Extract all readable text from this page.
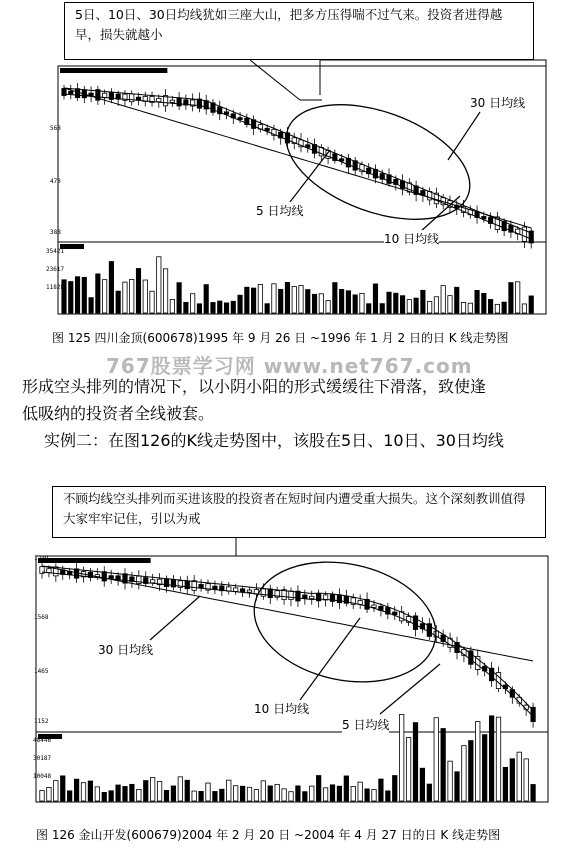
5日、10日、30日均线犹如三座大山，把多方压得喘不过气来。投资者进得越早，损失就越小
568
473
388
35421
23617
11828
30 日均线
5 日均线
10 日均线
图 125 四川金顶(600678)1995 年 9 月 26 日 ~1996 年 1 月 2 日的日 K 线走势图
767股票学习网 www.net767.com
形成空头排列的情况下，以小阴小阳的形式缓缓往下滑落，致使逢
低吸纳的投资者全线被套。
实例二：在图126的K线走势图中，该股在5日、10日、30日均线
不顾均线空头排列而买进该股的投资者在短时间内遭受重大损失。这个深刻教训值得大家牢牢记住，引以为戒
1239
1568
1465
1152
48446
30187
10048
30 日均线
10 日均线
5 日均线
图 126 金山开发(600679)2004 年 2 月 20 日 ~2004 年 4 月 27 日的日 K 线走势图
